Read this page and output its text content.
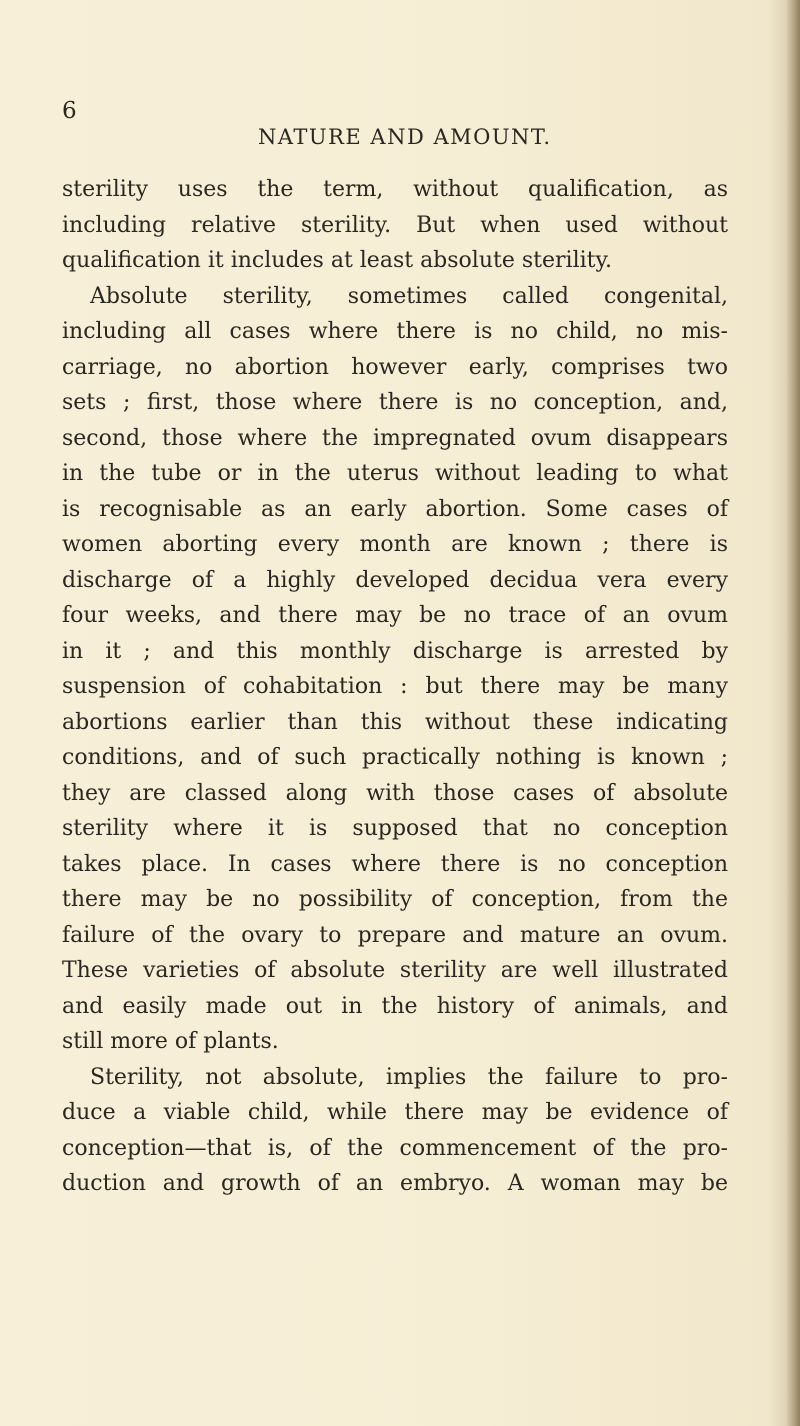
6
NATURE AND AMOUNT.
sterility uses the term, without qualification, as
including relative sterility. But when used without
qualification it includes at least absolute sterility.
Absolute sterility, sometimes called congenital,
including all cases where there is no child, no mis-
carriage, no abortion however early, comprises two
sets ; first, those where there is no conception, and,
second, those where the impregnated ovum disappears
in the tube or in the uterus without leading to what
is recognisable as an early abortion. Some cases of
women aborting every month are known ; there is
discharge of a highly developed decidua vera every
four weeks, and there may be no trace of an ovum
in it ; and this monthly discharge is arrested by
suspension of cohabitation : but there may be many
abortions earlier than this without these indicating
conditions, and of such practically nothing is known ;
they are classed along with those cases of absolute
sterility where it is supposed that no conception
takes place. In cases where there is no conception
there may be no possibility of conception, from the
failure of the ovary to prepare and mature an ovum.
These varieties of absolute sterility are well illustrated
and easily made out in the history of animals, and
still more of plants.
Sterility, not absolute, implies the failure to pro-
duce a viable child, while there may be evidence of
conception—that is, of the commencement of the pro-
duction and growth of an embryo. A woman may be
